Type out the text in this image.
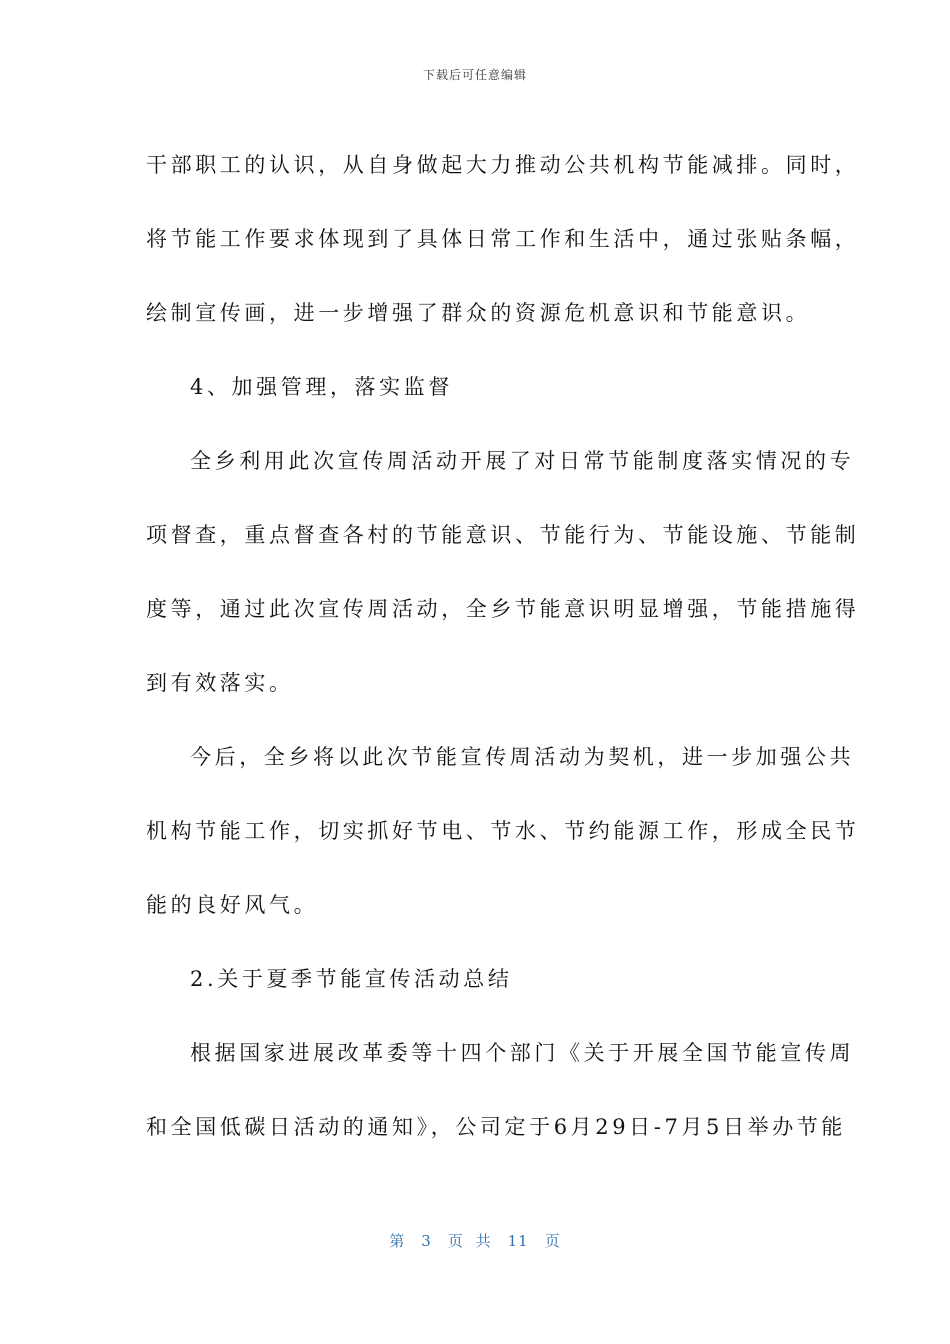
下载后可任意编辑

干部职工的认识，从自身做起大力推动公共机构节能减排。同时，
将节能工作要求体现到了具体日常工作和生活中，通过张贴条幅，
绘制宣传画，进一步增强了群众的资源危机意识和节能意识。

4、加强管理，落实监督

全乡利用此次宣传周活动开展了对日常节能制度落实情况的专
项督查，重点督查各村的节能意识、节能行为、节能设施、节能制
度等，通过此次宣传周活动，全乡节能意识明显增强，节能措施得
到有效落实。

今后，全乡将以此次节能宣传周活动为契机，进一步加强公共
机构节能工作，切实抓好节电、节水、节约能源工作，形成全民节
能的良好风气。

2.关于夏季节能宣传活动总结

根据国家进展改革委等十四个部门《关于开展全国节能宣传周
和全国低碳日活动的通知》，公司定于6月29日-7月5日举办节能

第 3 页 共 11 页
